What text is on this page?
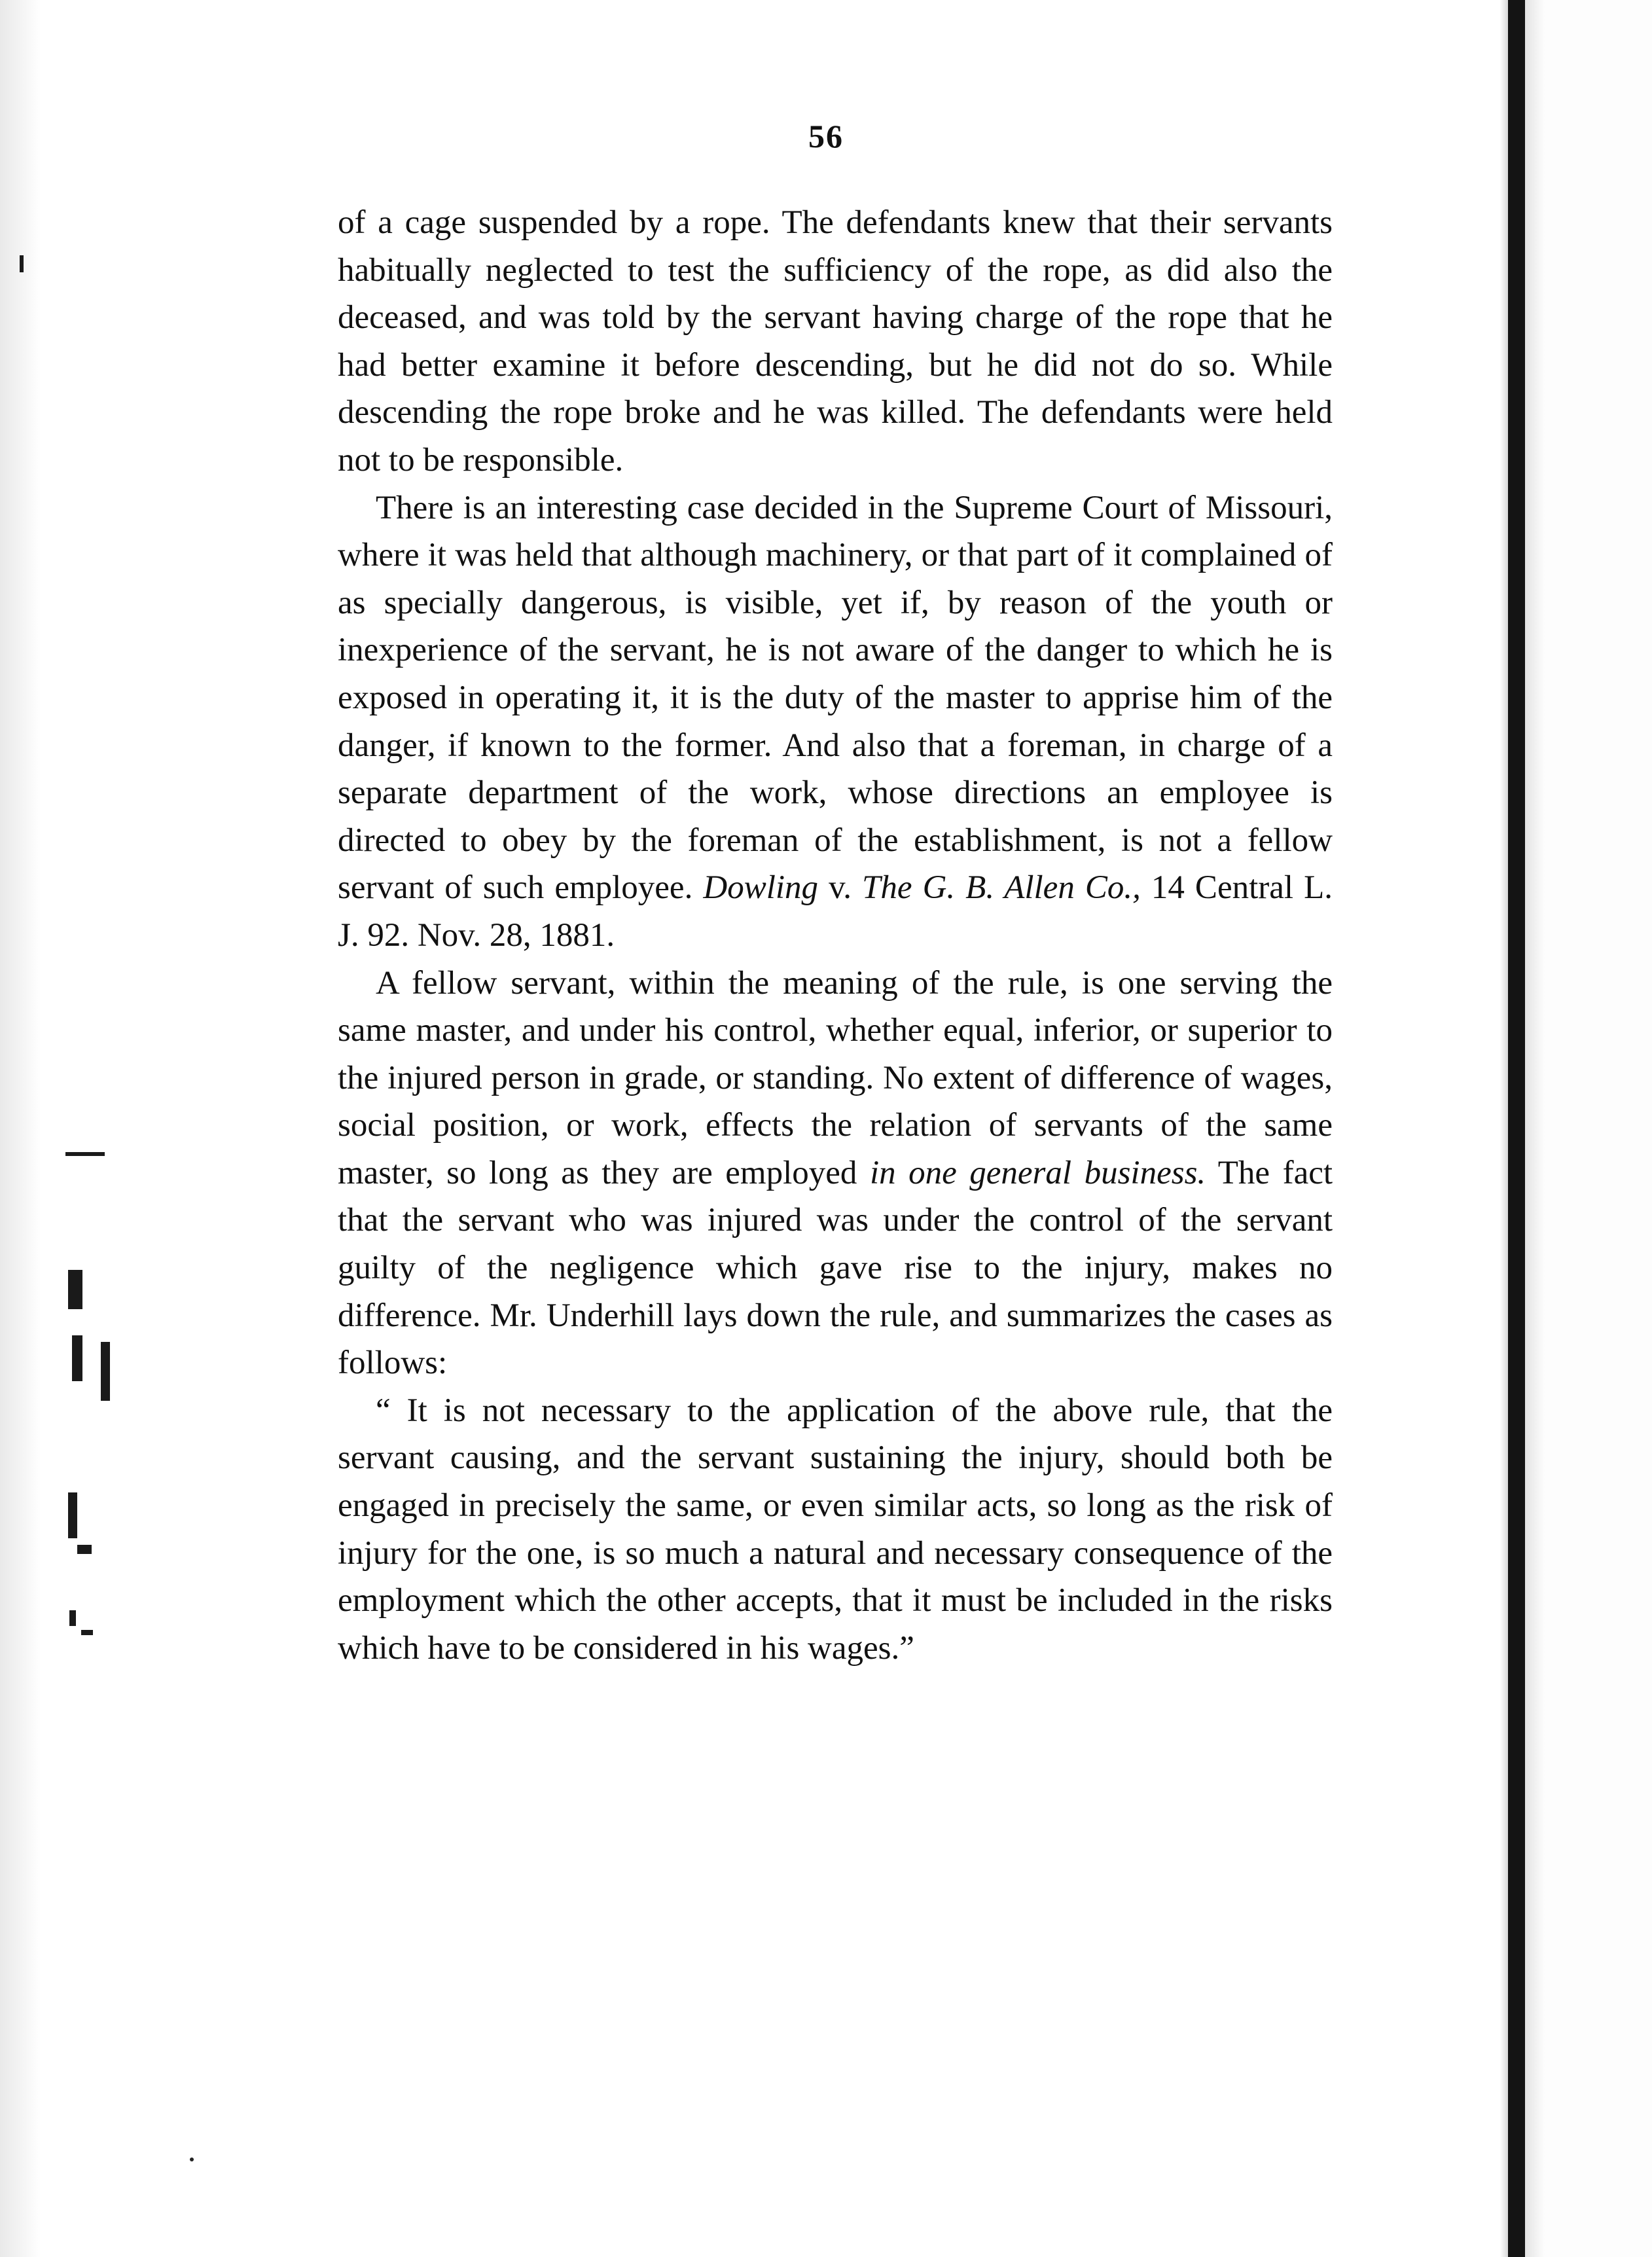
56

of a cage suspended by a rope. The defendants knew that their servants habitually neglected to test the sufficiency of the rope, as did also the deceased, and was told by the servant having charge of the rope that he had better examine it before descending, but he did not do so. While descending the rope broke and he was killed. The defendants were held not to be responsible.

There is an interesting case decided in the Supreme Court of Missouri, where it was held that although machinery, or that part of it complained of as specially dangerous, is visible, yet if, by reason of the youth or inexperience of the servant, he is not aware of the danger to which he is exposed in operating it, it is the duty of the master to apprise him of the danger, if known to the former. And also that a foreman, in charge of a separate department of the work, whose directions an employee is directed to obey by the foreman of the establishment, is not a fellow servant of such employee. Dowling v. The G. B. Allen Co., 14 Central L. J. 92. Nov. 28, 1881.

A fellow servant, within the meaning of the rule, is one serving the same master, and under his control, whether equal, inferior, or superior to the injured person in grade, or standing. No extent of difference of wages, social position, or work, effects the relation of servants of the same master, so long as they are employed in one general business. The fact that the servant who was injured was under the control of the servant guilty of the negligence which gave rise to the injury, makes no difference. Mr. Underhill lays down the rule, and summarizes the cases as follows:

“ It is not necessary to the application of the above rule, that the servant causing, and the servant sustaining the injury, should both be engaged in precisely the same, or even similar acts, so long as the risk of injury for the one, is so much a natural and necessary consequence of the employment which the other accepts, that it must be included in the risks which have to be considered in his wages.”
